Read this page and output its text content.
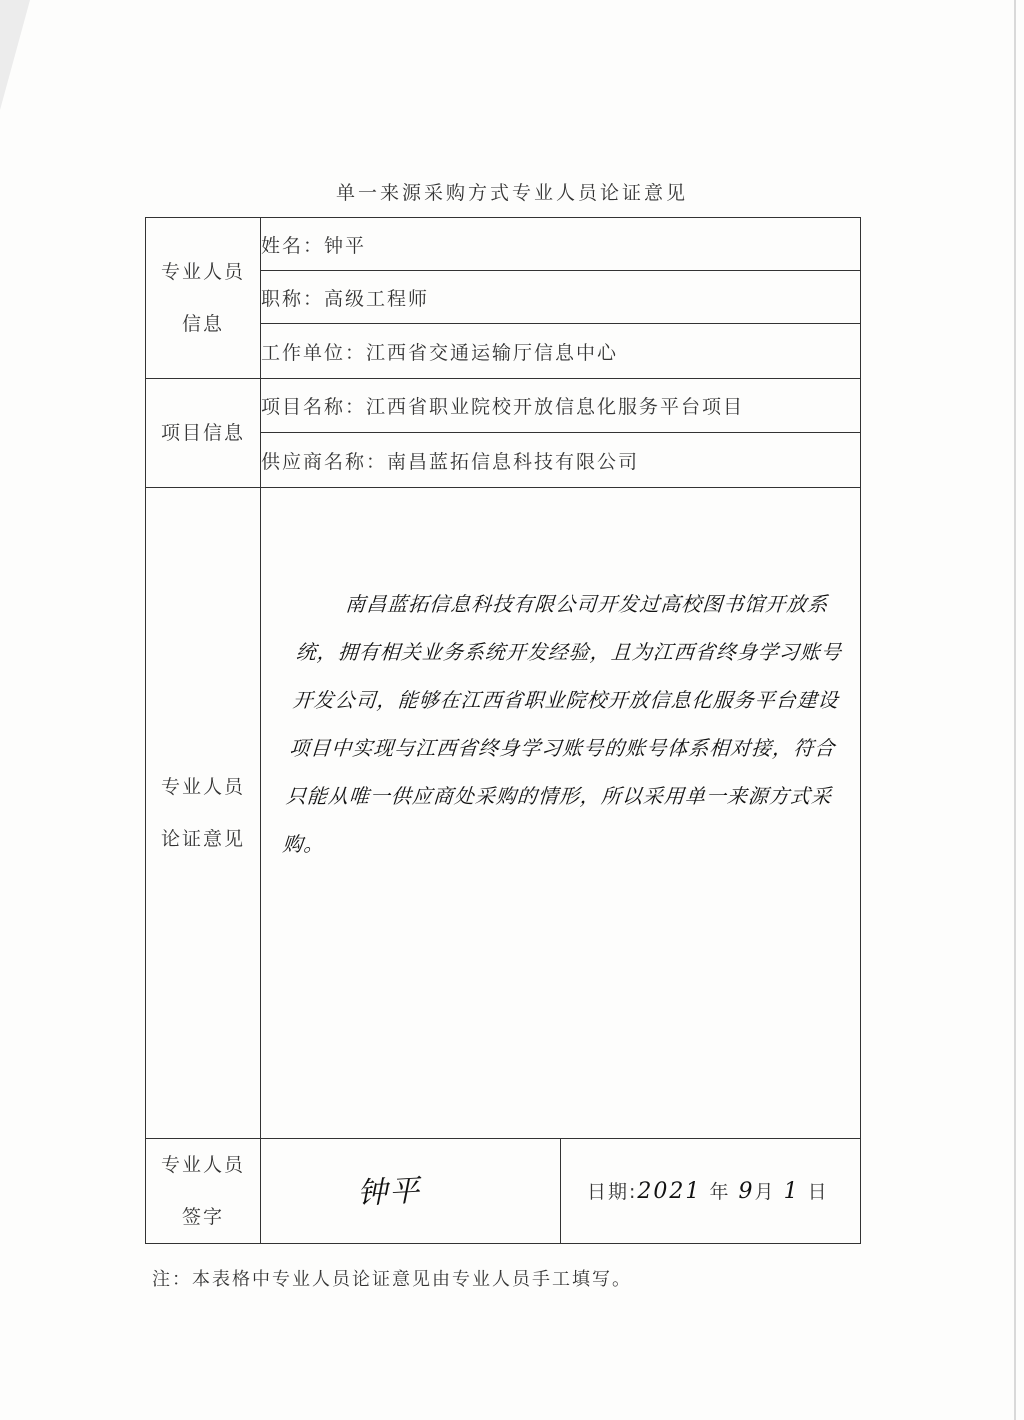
单一来源采购方式专业人员论证意见
专业人员信息	姓名：钟平	
	职称：高级工程师	
	工作单位：江西省交通运输厅信息中心	
项目信息	项目名称：江西省职业院校开放信息化服务平台项目	
	供应商名称：南昌蓝拓信息科技有限公司	

专业人员论证意见	南昌蓝拓信息科技有限公司开发过高校图书馆开放系统，拥有相关业务系统开发经验，且为江西省终身学习账号开发公司，能够在江西省职业院校开放信息化服务平台建设项目中实现与江西省终身学习账号的账号体系相对接，符合只能从唯一供应商处采购的情形，所以采用单一来源方式采购。	

专业人员签字	钟平	日期:2021 年 9月 1 日
注：本表格中专业人员论证意见由专业人员手工填写。
